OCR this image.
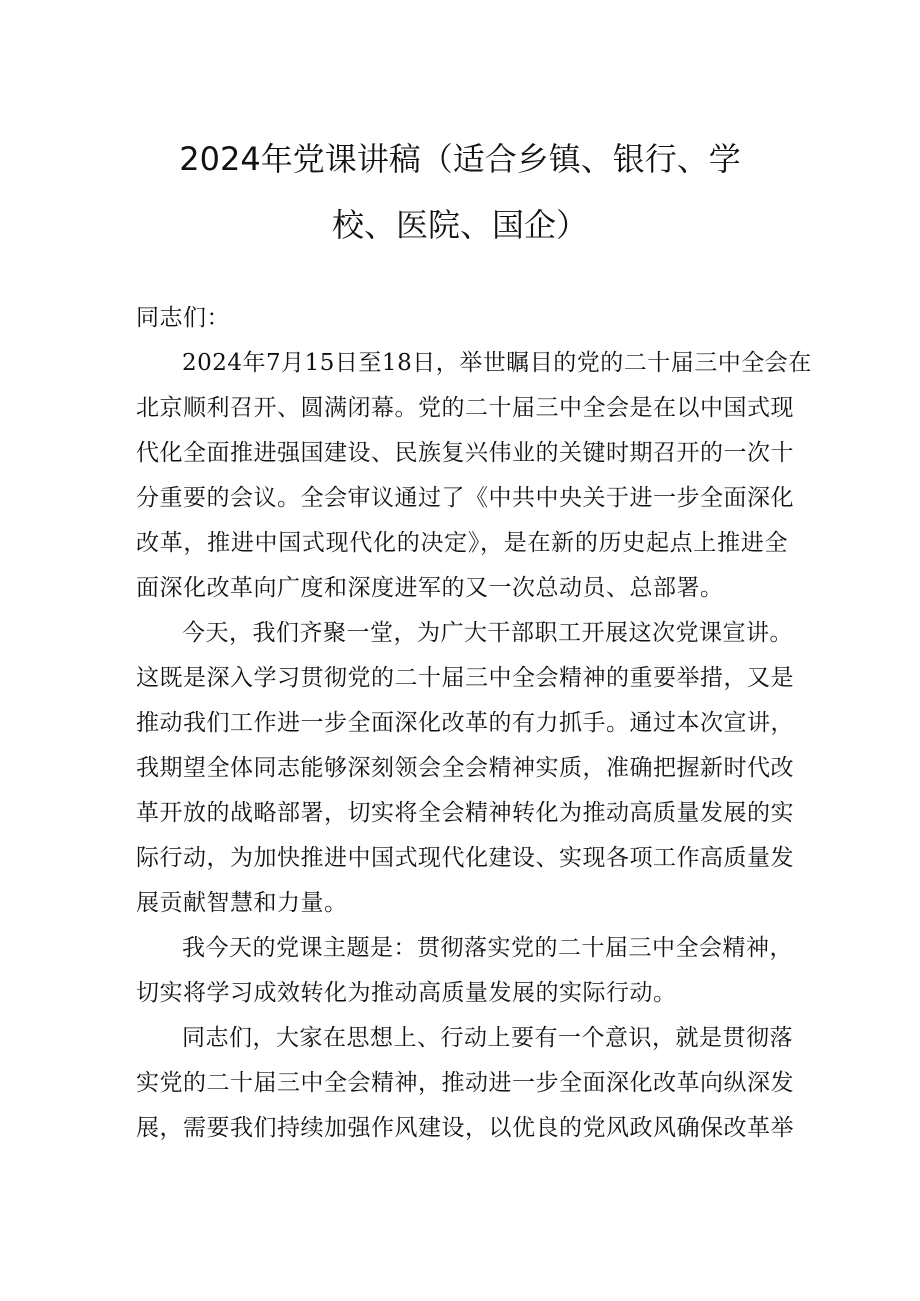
2024年党课讲稿（适合乡镇、银行、学
校、医院、国企）
同志们：
2024年7月15日至18日，举世瞩目的党的二十届三中全会在
北京顺利召开、圆满闭幕。党的二十届三中全会是在以中国式现
代化全面推进强国建设、民族复兴伟业的关键时期召开的一次十
分重要的会议。全会审议通过了《中共中央关于进一步全面深化
改革，推进中国式现代化的决定》，是在新的历史起点上推进全
面深化改革向广度和深度进军的又一次总动员、总部署。
今天，我们齐聚一堂，为广大干部职工开展这次党课宣讲。
这既是深入学习贯彻党的二十届三中全会精神的重要举措，又是
推动我们工作进一步全面深化改革的有力抓手。通过本次宣讲，
我期望全体同志能够深刻领会全会精神实质，准确把握新时代改
革开放的战略部署，切实将全会精神转化为推动高质量发展的实
际行动，为加快推进中国式现代化建设、实现各项工作高质量发
展贡献智慧和力量。
我今天的党课主题是：贯彻落实党的二十届三中全会精神，
切实将学习成效转化为推动高质量发展的实际行动。
同志们，大家在思想上、行动上要有一个意识，就是贯彻落
实党的二十届三中全会精神，推动进一步全面深化改革向纵深发
展，需要我们持续加强作风建设，以优良的党风政风确保改革举
